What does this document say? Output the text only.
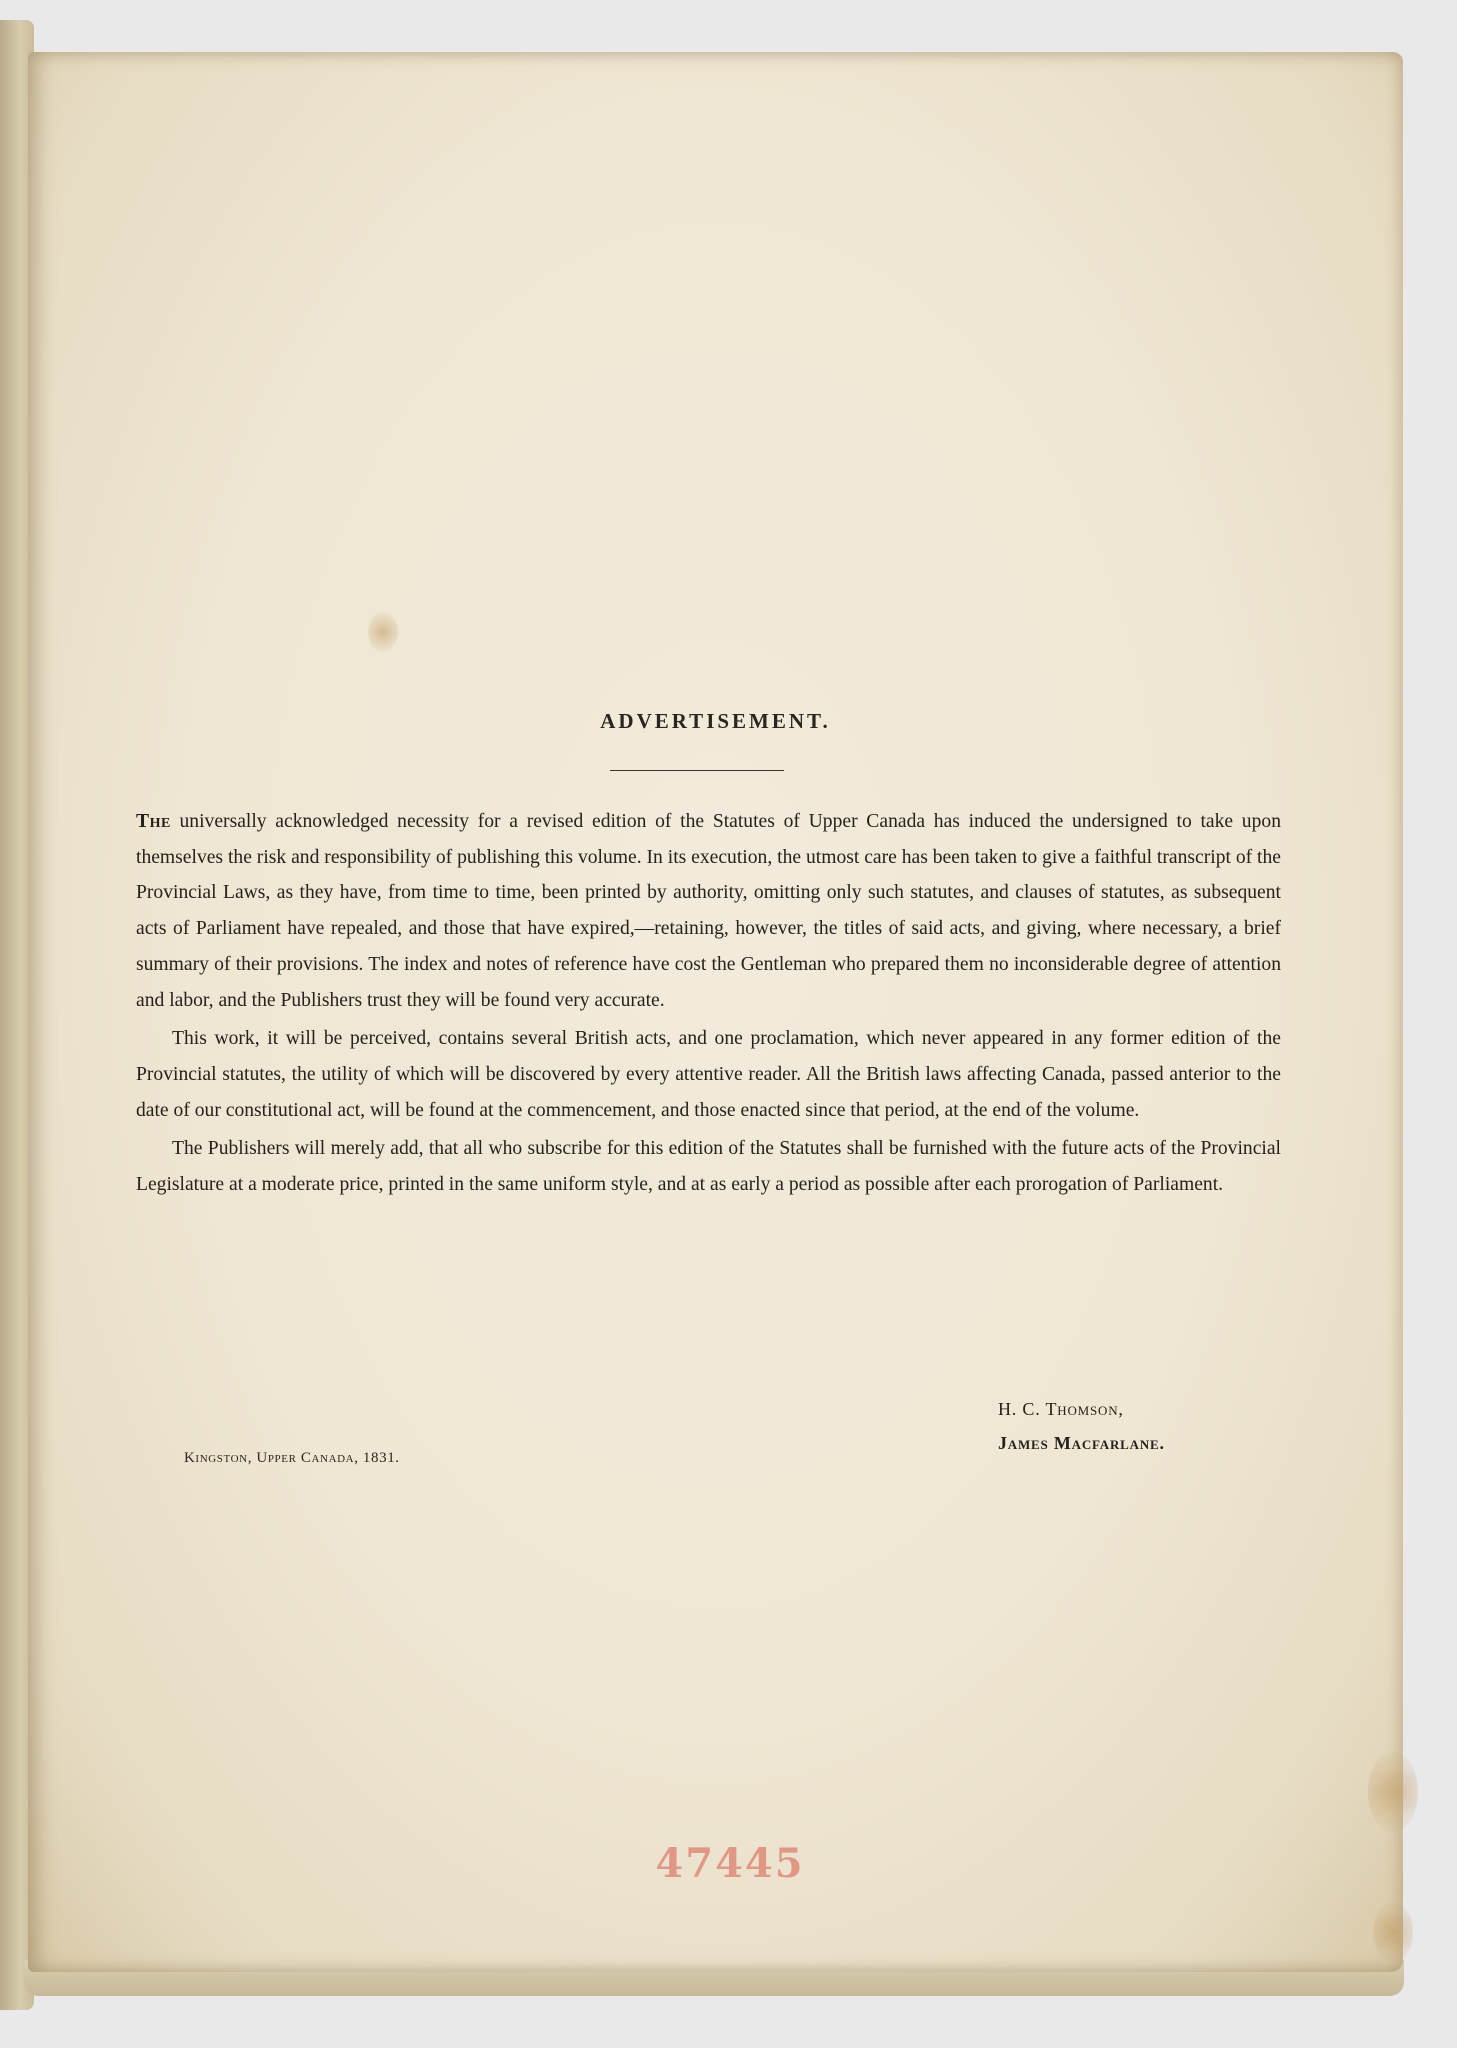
ADVERTISEMENT.

The universally acknowledged necessity for a revised edition of the Statutes of Upper Canada has induced the undersigned to take upon themselves the risk and responsibility of publishing this volume. In its execution, the utmost care has been taken to give a faithful transcript of the Provincial Laws, as they have, from time to time, been printed by authority, omitting only such statutes, and clauses of statutes, as subsequent acts of Parliament have repealed, and those that have expired,—retaining, however, the titles of said acts, and giving, where necessary, a brief summary of their provisions. The index and notes of reference have cost the Gentleman who prepared them no inconsiderable degree of attention and labor, and the Publishers trust they will be found very accurate.

This work, it will be perceived, contains several British acts, and one proclamation, which never appeared in any former edition of the Provincial statutes, the utility of which will be discovered by every attentive reader. All the British laws affecting Canada, passed anterior to the date of our constitutional act, will be found at the commencement, and those enacted since that period, at the end of the volume.

The Publishers will merely add, that all who subscribe for this edition of the Statutes shall be furnished with the future acts of the Provincial Legislature at a moderate price, printed in the same uniform style, and at as early a period as possible after each prorogation of Parliament.

H. C. Thomson,
James Macfarlane.
Kingston, Upper Canada, 1831.
47445
